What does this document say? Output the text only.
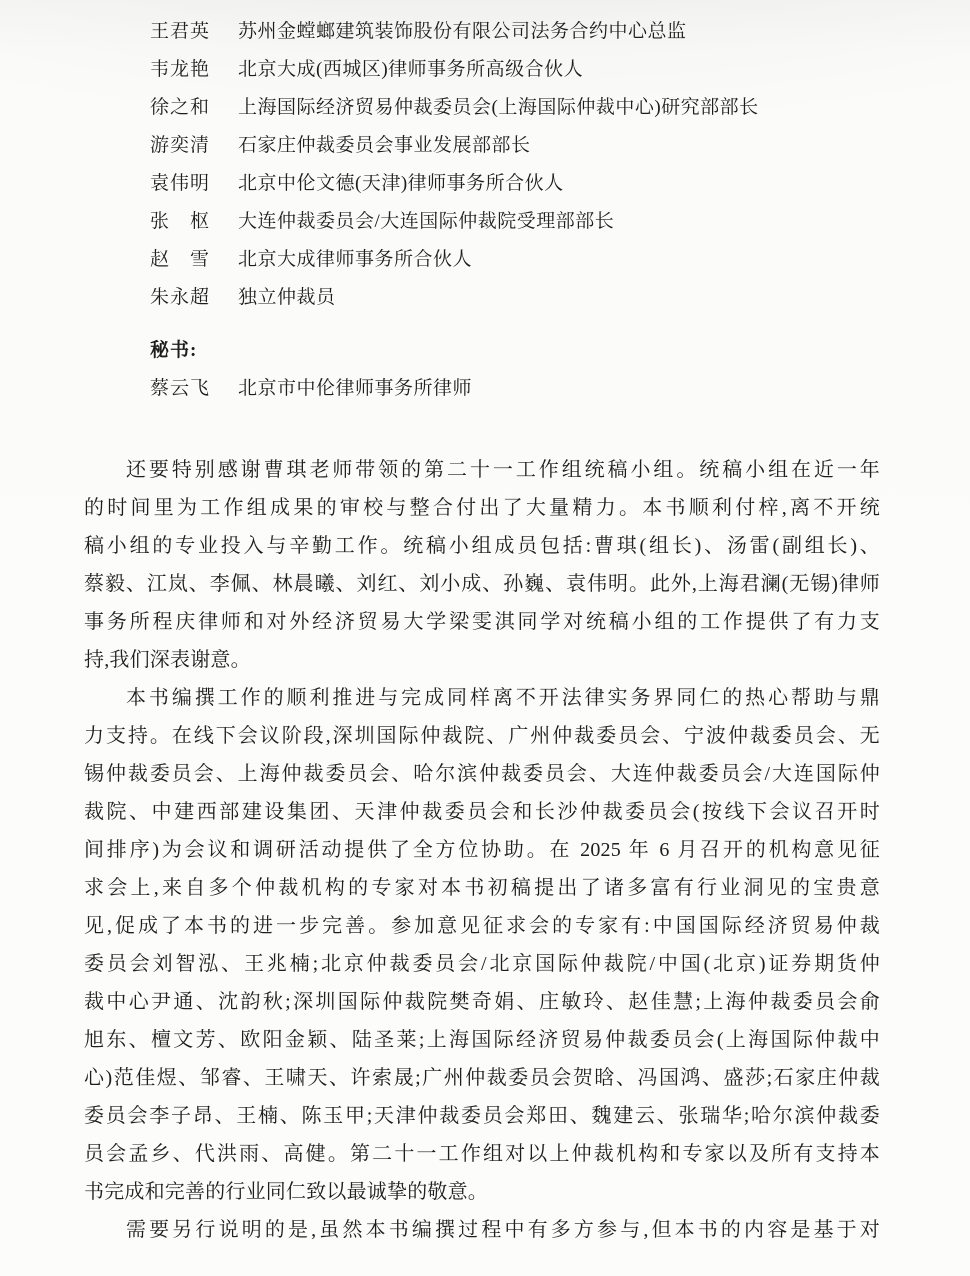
王君英 苏州金螳螂建筑装饰股份有限公司法务合约中心总监
韦龙艳 北京大成(西城区)律师事务所高级合伙人
徐之和 上海国际经济贸易仲裁委员会(上海国际仲裁中心)研究部部长
游奕清 石家庄仲裁委员会事业发展部部长
袁伟明 北京中伦文德(天津)律师事务所合伙人
张　枢 大连仲裁委员会/大连国际仲裁院受理部部长
赵　雪 北京大成律师事务所合伙人
朱永超 独立仲裁员
秘书:
蔡云飞 北京市中伦律师事务所律师
还要特别感谢曹琪老师带领的第二十一工作组统稿小组。统稿小组在近一年
的时间里为工作组成果的审校与整合付出了大量精力。本书顺利付梓,离不开统
稿小组的专业投入与辛勤工作。统稿小组成员包括:曹琪(组长)、汤雷(副组长)、
蔡毅、江岚、李佩、林晨曦、刘红、刘小成、孙巍、袁伟明。此外,上海君澜(无锡)律师
事务所程庆律师和对外经济贸易大学梁雯淇同学对统稿小组的工作提供了有力支
持,我们深表谢意。
本书编撰工作的顺利推进与完成同样离不开法律实务界同仁的热心帮助与鼎
力支持。在线下会议阶段,深圳国际仲裁院、广州仲裁委员会、宁波仲裁委员会、无
锡仲裁委员会、上海仲裁委员会、哈尔滨仲裁委员会、大连仲裁委员会/大连国际仲
裁院、中建西部建设集团、天津仲裁委员会和长沙仲裁委员会(按线下会议召开时
间排序)为会议和调研活动提供了全方位协助。在 2025 年 6 月召开的机构意见征
求会上,来自多个仲裁机构的专家对本书初稿提出了诸多富有行业洞见的宝贵意
见,促成了本书的进一步完善。参加意见征求会的专家有:中国国际经济贸易仲裁
委员会刘智泓、王兆楠;北京仲裁委员会/北京国际仲裁院/中国(北京)证券期货仲
裁中心尹通、沈韵秋;深圳国际仲裁院樊奇娟、庄敏玲、赵佳慧;上海仲裁委员会俞
旭东、檀文芳、欧阳金颖、陆圣莱;上海国际经济贸易仲裁委员会(上海国际仲裁中
心)范佳煜、邹睿、王啸天、许索晟;广州仲裁委员会贺晗、冯国鸿、盛莎;石家庄仲裁
委员会李子昂、王楠、陈玉甲;天津仲裁委员会郑田、魏建云、张瑞华;哈尔滨仲裁委
员会孟乡、代洪雨、高健。第二十一工作组对以上仲裁机构和专家以及所有支持本
书完成和完善的行业同仁致以最诚挚的敬意。
需要另行说明的是,虽然本书编撰过程中有多方参与,但本书的内容是基于对
